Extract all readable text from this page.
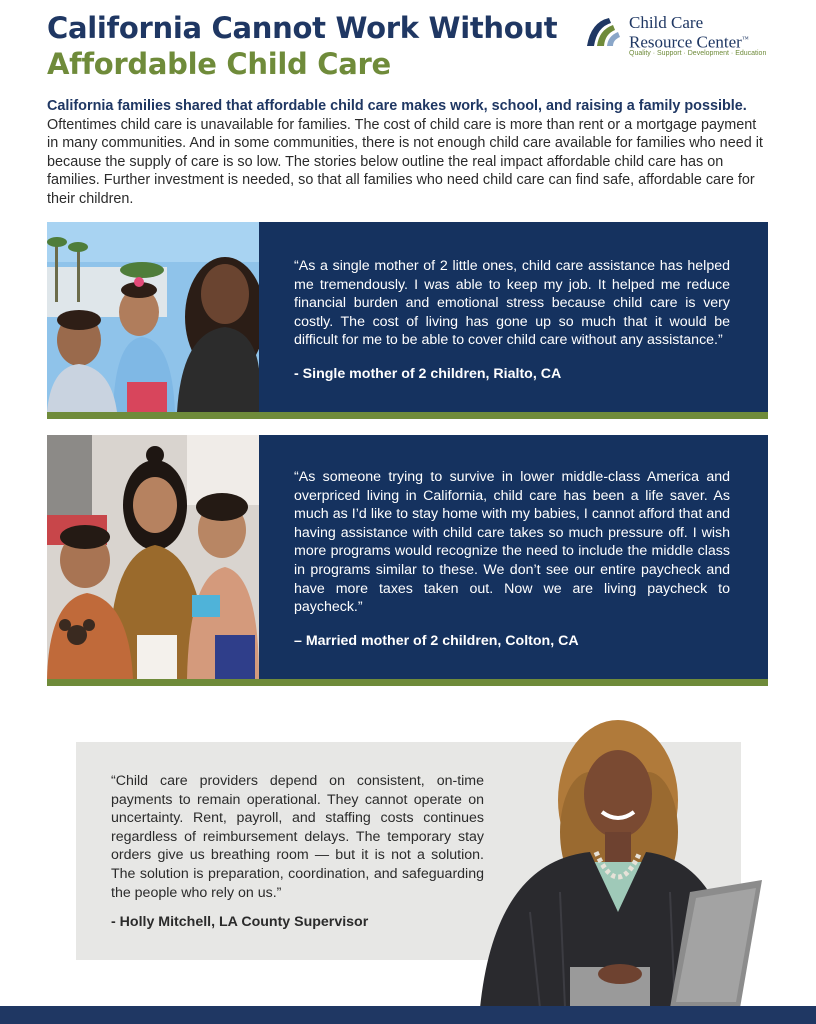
California Cannot Work Without
Affordable Child Care
Child Care
Resource Center™
Quality · Support · Development · Education

California families shared that affordable child care makes work, school, and raising a family possible. Oftentimes child care is unavailable for families. The cost of child care is more than rent or a mortgage payment in many communities. And in some communities, there is not enough child care available for families who need it because the supply of care is so low. The stories below outline the real impact affordable child care has on families. Further investment is needed, so that all families who need child care can find safe, affordable care for their children.

“As a single mother of 2 little ones, child care assistance has helped me tremendously. I was able to keep my job. It helped me reduce financial burden and emotional stress because child care is very costly. The cost of living has gone up so much that it would be difficult for me to be able to cover child care without any assistance.”

- Single mother of 2 children, Rialto, CA

“As someone trying to survive in lower middle-class America and overpriced living in California, child care has been a life saver. As much as I’d like to stay home with my babies, I cannot afford that and having assistance with child care takes so much pressure off. I wish more programs would recognize the need to include the middle class in programs similar to these. We don’t see our entire paycheck and have more taxes taken out. Now we are living paycheck to paycheck.”

– Married mother of 2 children, Colton, CA

“Child care providers depend on consistent, on-time payments to remain operational. They cannot operate on uncertainty. Rent, payroll, and staffing costs continues regardless of reimbursement delays. The temporary stay orders give us breathing room — but it is not a solution. The solution is preparation, coordination, and safeguarding the people who rely on us.”

- Holly Mitchell, LA County Supervisor
